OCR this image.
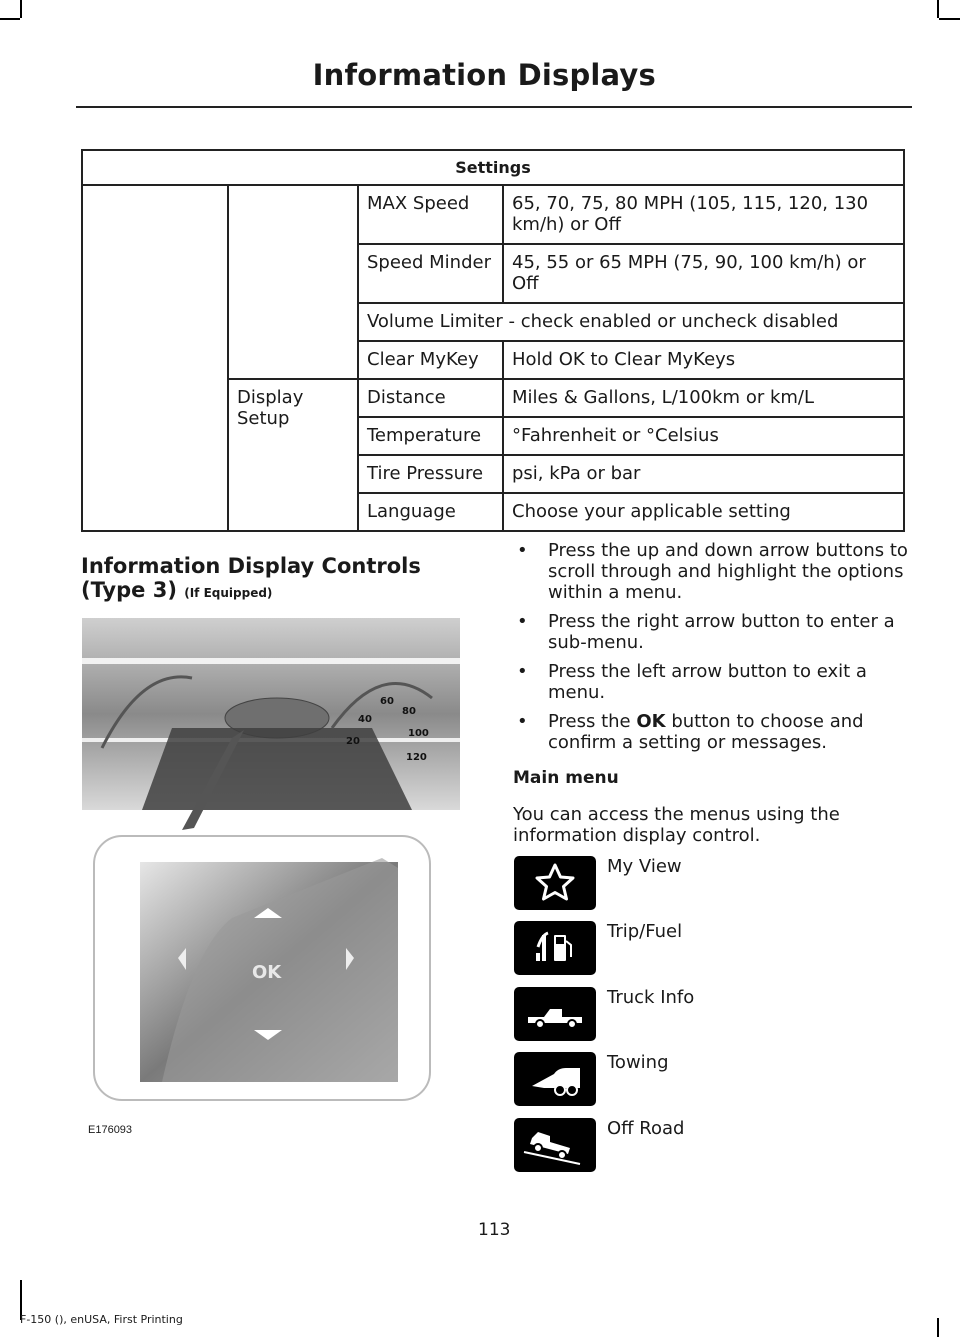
Information Displays
Settings			
		MAX Speed	65, 70, 75, 80 MPH (105, 115, 120, 130 km/h) or Off
		Speed Minder	45, 55 or 65 MPH (75, 90, 100 km/h) or Off
		Volume Limiter - check enabled or uncheck disabled	
		Clear MyKey	Hold OK to Clear MyKeys
	Display Setup	Distance	Miles & Gallons, L/100km or km/L
		Temperature	°Fahrenheit or °Celsius
		Tire Pressure	psi, kPa or bar
		Language	Choose your applicable setting
Information Display Controls (Type 3) (If Equipped)
20
40
60
80
100
120
OK
E176093
• Press the up and down arrow buttons to scroll through and highlight the options within a menu.
• Press the right arrow button to enter a sub-menu.
• Press the left arrow button to exit a menu.
• Press the OK button to choose and confirm a setting or messages.
Main menu

You can access the menus using the information display control.

My View
Trip/Fuel
Truck Info
Towing
Off Road
113
F-150 (), enUSA, First Printing
